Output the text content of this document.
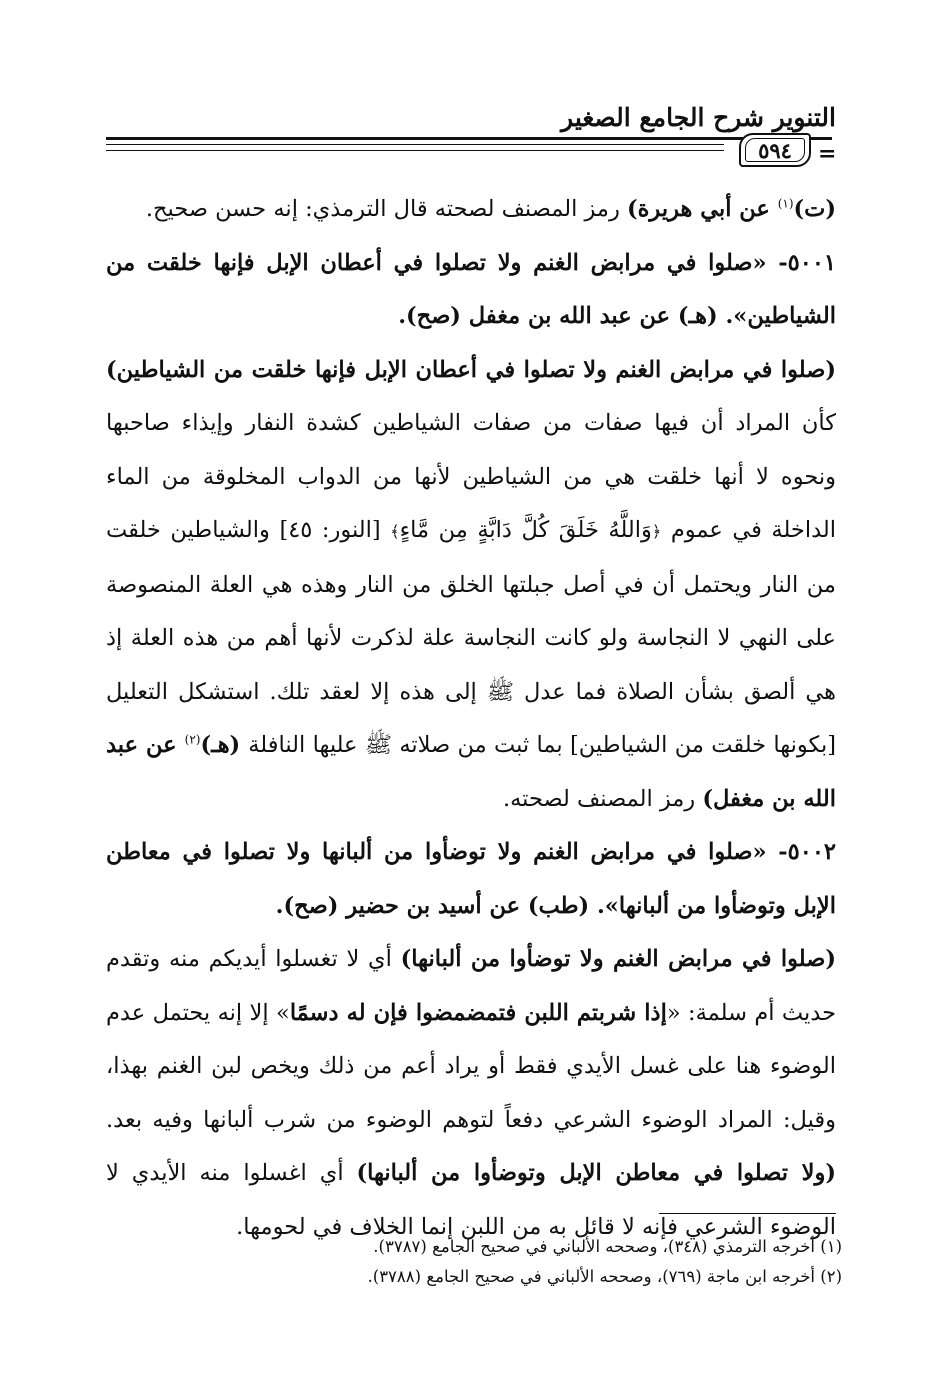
التنوير شرح الجامع الصغير
٥٩٤ =

(ت)$^{(١)}$ عن أبي هريرة) رمز المصنف لصحته قال الترمذي: إنه حسن صحيح.

٥٠٠١- «صلوا في مرابض الغنم ولا تصلوا في أعطان الإبل فإنها خلقت من الشياطين». (هـ) عن عبد الله بن مغفل (صح).

(صلوا في مرابض الغنم ولا تصلوا في أعطان الإبل فإنها خلقت من الشياطين) كأن المراد أن فيها صفات من صفات الشياطين كشدة النفار وإيذاء صاحبها ونحوه لا أنها خلقت هي من الشياطين لأنها من الدواب المخلوقة من الماء الداخلة في عموم ﴿وَاللَّهُ خَلَقَ كُلَّ دَابَّةٍ مِن مَّاءٍ﴾ [النور: ٤٥] والشياطين خلقت من النار ويحتمل أن في أصل جبلتها الخلق من النار وهذه هي العلة المنصوصة على النهي لا النجاسة ولو كانت النجاسة علة لذكرت لأنها أهم من هذه العلة إذ هي ألصق بشأن الصلاة فما عدل ﷺ إلى هذه إلا لعقد تلك. استشكل التعليل [بكونها خلقت من الشياطين] بما ثبت من صلاته ﷺ عليها النافلة (هـ)$^{(٢)}$ عن عبد الله بن مغفل) رمز المصنف لصحته.

٥٠٠٢- «صلوا في مرابض الغنم ولا توضأوا من ألبانها ولا تصلوا في معاطن الإبل وتوضأوا من ألبانها». (طب) عن أسيد بن حضير (صح).

(صلوا في مرابض الغنم ولا توضأوا من ألبانها) أي لا تغسلوا أيديكم منه وتقدم حديث أم سلمة: «إذا شربتم اللبن فتمضمضوا فإن له دسمًا» إلا إنه يحتمل عدم الوضوء هنا على غسل الأيدي فقط أو يراد أعم من ذلك ويخص لبن الغنم بهذا، وقيل: المراد الوضوء الشرعي دفعاً لتوهم الوضوء من شرب ألبانها وفيه بعد. (ولا تصلوا في معاطن الإبل وتوضأوا من ألبانها) أي اغسلوا منه الأيدي لا الوضوء الشرعي فإنه لا قائل به من اللبن إنما الخلاف في لحومها.

(١) أخرجه الترمذي (٣٤٨)، وصححه الألباني في صحيح الجامع (٣٧٨٧).

(٢) أخرجه ابن ماجة (٧٦٩)، وصححه الألباني في صحيح الجامع (٣٧٨٨).
